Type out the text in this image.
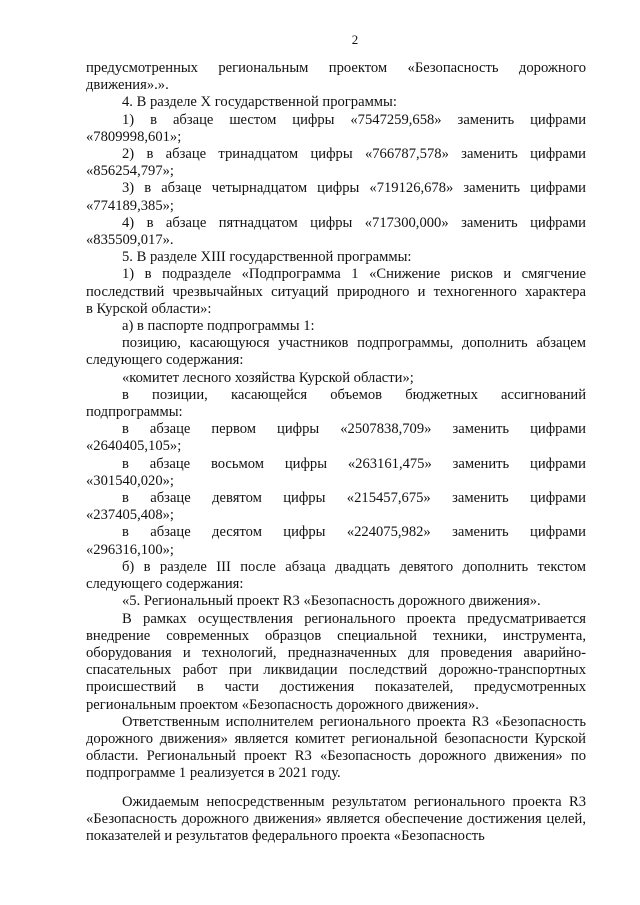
2

предусмотренных региональным проектом «Безопасность дорожного

движения».».

4. В разделе X государственной программы:

1) в абзаце шестом цифры «7547259,658» заменить цифрами

«7809998,601»;

2) в абзаце тринадцатом цифры «766787,578» заменить цифрами

«856254,797»;

3) в абзаце четырнадцатом цифры «719126,678» заменить цифрами

«774189,385»;

4) в абзаце пятнадцатом цифры «717300,000» заменить цифрами

«835509,017».

5. В разделе XIII государственной программы:

1) в подразделе «Подпрограмма 1 «Снижение рисков и смягчение

последствий чрезвычайных ситуаций природного и техногенного характера

в Курской области»:

а) в паспорте подпрограммы 1:

позицию, касающуюся участников подпрограммы, дополнить абзацем

следующего содержания:

«комитет лесного хозяйства Курской области»;

в позиции, касающейся объемов бюджетных ассигнований

подпрограммы:

в абзаце первом цифры «2507838,709» заменить цифрами

«2640405,105»;

в абзаце восьмом цифры «263161,475» заменить цифрами

«301540,020»;

в абзаце девятом цифры «215457,675» заменить цифрами

«237405,408»;

в абзаце десятом цифры «224075,982» заменить цифрами

«296316,100»;

б) в разделе III после абзаца двадцать девятого дополнить текстом

следующего содержания:

«5. Региональный проект R3 «Безопасность дорожного движения».

В рамках осуществления регионального проекта предусматривается внедрение современных образцов специальной техники, инструмента, оборудования и технологий, предназначенных для проведения аварийно-спасательных работ при ликвидации последствий дорожно-транспортных происшествий в части достижения показателей, предусмотренных региональным проектом «Безопасность дорожного движения».

Ответственным исполнителем регионального проекта R3 «Безопасность дорожного движения» является комитет региональной безопасности Курской области. Региональный проект R3 «Безопасность дорожного движения» по подпрограмме 1 реализуется в 2021 году.

Ожидаемым непосредственным результатом регионального проекта R3 «Безопасность дорожного движения» является обеспечение достижения целей, показателей и результатов федерального проекта «Безопасность
